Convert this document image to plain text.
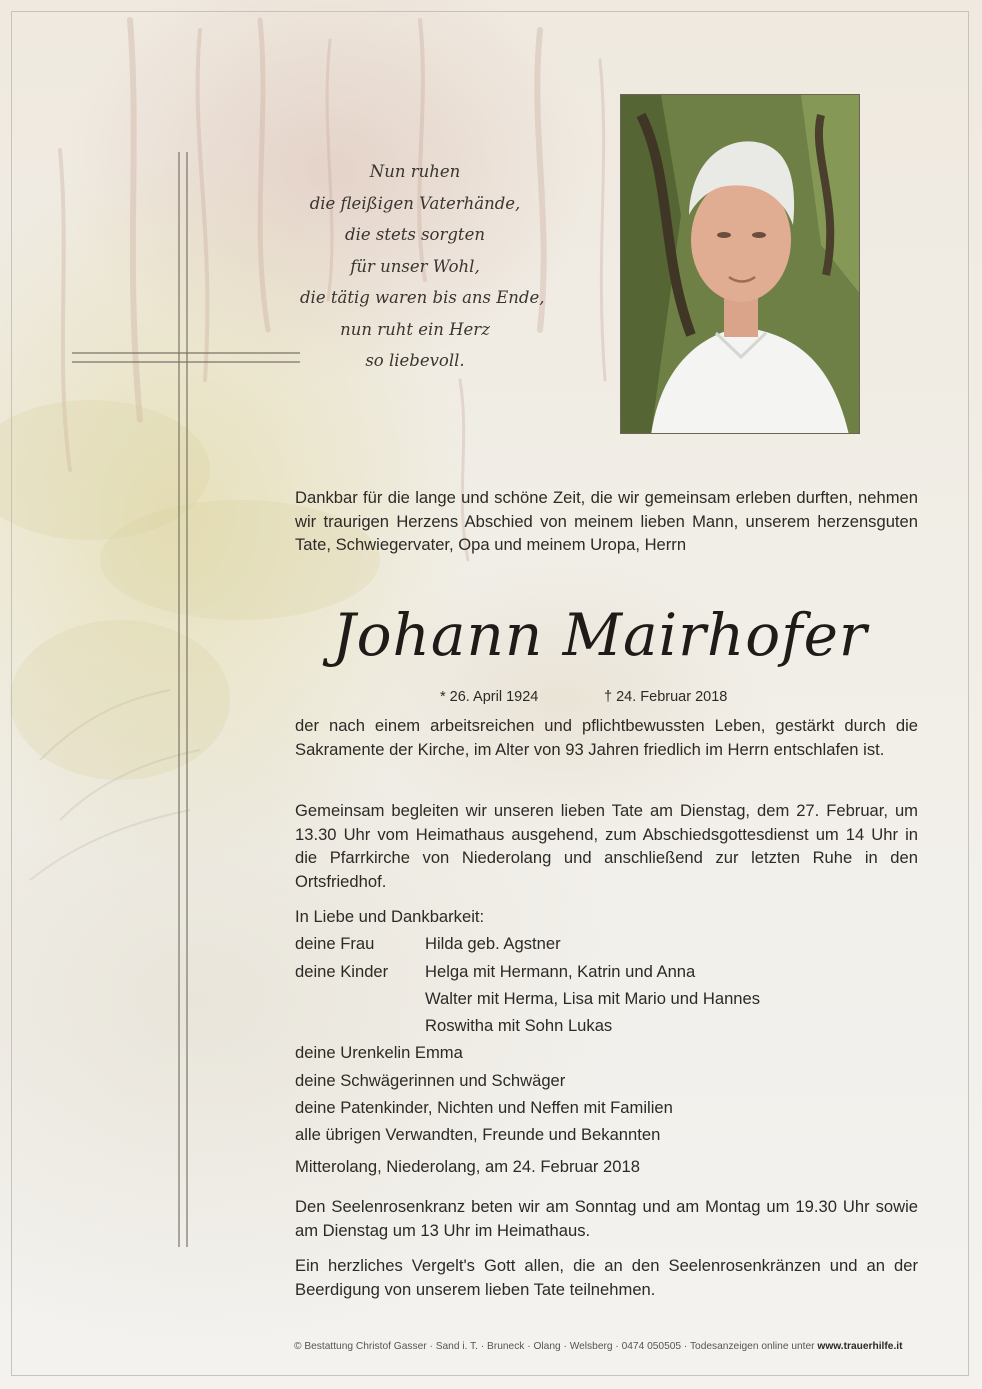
Nun ruhen
die fleißigen Vaterhände,
die stets sorgten
für unser Wohl,
die tätig waren bis ans Ende,
nun ruht ein Herz
so liebevoll.
Dankbar für die lange und schöne Zeit, die wir gemeinsam erleben durften, nehmen wir traurigen Herzens Abschied von meinem lieben Mann, unserem herzensguten Tate, Schwiegervater, Opa und meinem Uropa, Herrn
Johann Mairhofer
* 26. April 1924	† 24. Februar 2018
der nach einem arbeitsreichen und pflichtbewussten Leben, gestärkt durch die Sakramente der Kirche, im Alter von 93 Jahren friedlich im Herrn entschlafen ist.
Gemeinsam begleiten wir unseren lieben Tate am Dienstag, dem 27. Februar, um 13.30 Uhr vom Heimathaus ausgehend, zum Abschiedsgottesdienst um 14 Uhr in die Pfarrkirche von Niederolang und anschließend zur letzten Ruhe in den Ortsfriedhof.
In Liebe und Dankbarkeit:
deine Frau	Hilda geb. Agstner
deine Kinder	Helga mit Hermann, Katrin und Anna
Walter mit Herma, Lisa mit Mario und Hannes
Roswitha mit Sohn Lukas
deine Urenkelin Emma
deine Schwägerinnen und Schwäger
deine Patenkinder, Nichten und Neffen mit Familien
alle übrigen Verwandten, Freunde und Bekannten
Mitterolang, Niederolang, am 24. Februar 2018
Den Seelenrosenkranz beten wir am Sonntag und am Montag um 19.30 Uhr sowie am Dienstag um 13 Uhr im Heimathaus.
Ein herzliches Vergelt's Gott allen, die an den Seelenrosenkränzen und an der Beerdigung von unserem lieben Tate teilnehmen.
© Bestattung Christof Gasser · Sand i. T. · Bruneck · Olang · Welsberg · 0474 050505 · Todesanzeigen online unter www.trauerhilfe.it
